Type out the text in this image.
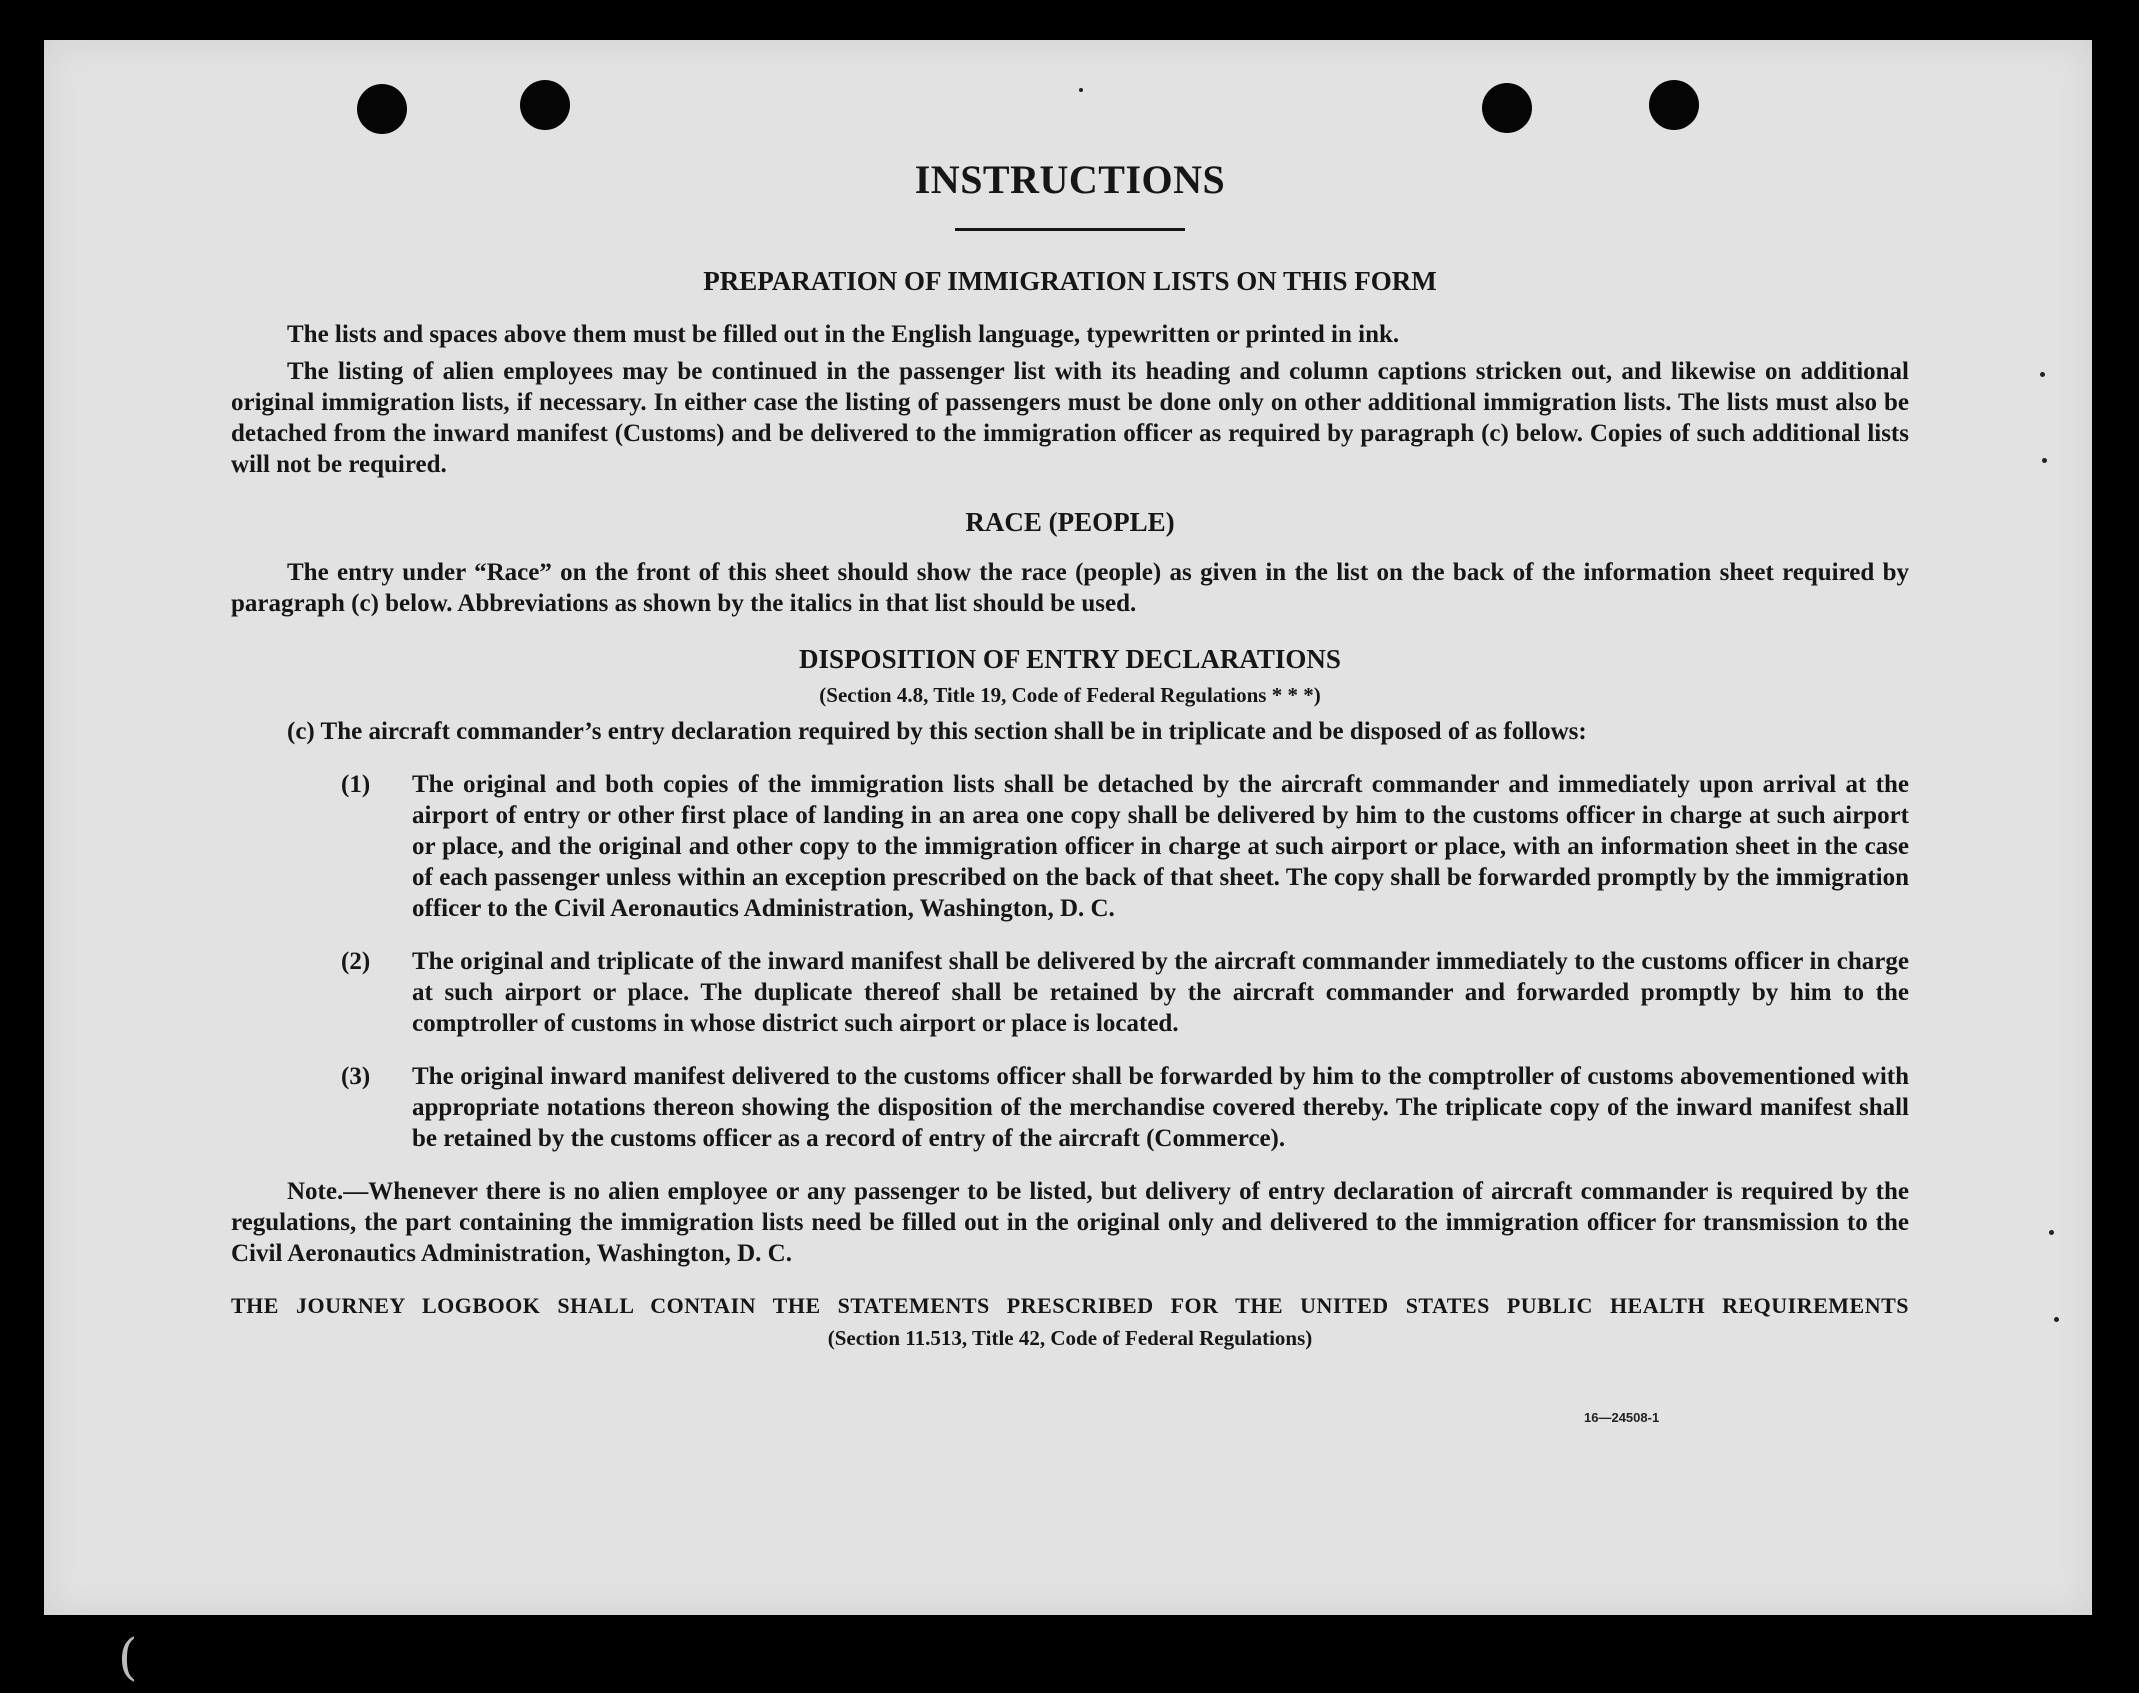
INSTRUCTIONS
PREPARATION OF IMMIGRATION LISTS ON THIS FORM

The lists and spaces above them must be filled out in the English language, typewritten or printed in ink.

The listing of alien employees may be continued in the passenger list with its heading and column captions stricken out, and likewise on additional original immigration lists, if necessary. In either case the listing of passengers must be done only on other additional immigration lists. The lists must also be detached from the inward manifest (Customs) and be delivered to the immigration officer as required by paragraph (c) below. Copies of such additional lists will not be required.

RACE (PEOPLE)

The entry under “Race” on the front of this sheet should show the race (people) as given in the list on the back of the information sheet required by paragraph (c) below. Abbreviations as shown by the italics in that list should be used.

DISPOSITION OF ENTRY DECLARATIONS

(Section 4.8, Title 19, Code of Federal Regulations * * *)

(c) The aircraft commander’s entry declaration required by this section shall be in triplicate and be disposed of as follows:

(1) The original and both copies of the immigration lists shall be detached by the aircraft commander and immediately upon arrival at the airport of entry or other first place of landing in an area one copy shall be delivered by him to the customs officer in charge at such airport or place, and the original and other copy to the immigration officer in charge at such airport or place, with an information sheet in the case of each passenger unless within an exception prescribed on the back of that sheet. The copy shall be forwarded promptly by the immigration officer to the Civil Aeronautics Administration, Washington, D. C.
(2) The original and triplicate of the inward manifest shall be delivered by the aircraft commander immediately to the customs officer in charge at such airport or place. The duplicate thereof shall be retained by the aircraft commander and forwarded promptly by him to the comptroller of customs in whose district such airport or place is located.
(3) The original inward manifest delivered to the customs officer shall be forwarded by him to the comptroller of customs abovementioned with appropriate notations thereon showing the disposition of the merchandise covered thereby. The triplicate copy of the inward manifest shall be retained by the customs officer as a record of entry of the aircraft (Commerce).

Note.—Whenever there is no alien employee or any passenger to be listed, but delivery of entry declaration of aircraft commander is required by the regulations, the part containing the immigration lists need be filled out in the original only and delivered to the immigration officer for transmission to the Civil Aeronautics Administration, Washington, D. C.

THE JOURNEY LOGBOOK SHALL CONTAIN THE STATEMENTS PRESCRIBED FOR THE UNITED STATES PUBLIC HEALTH REQUIREMENTS

(Section 11.513, Title 42, Code of Federal Regulations)

16—24508-1
(
